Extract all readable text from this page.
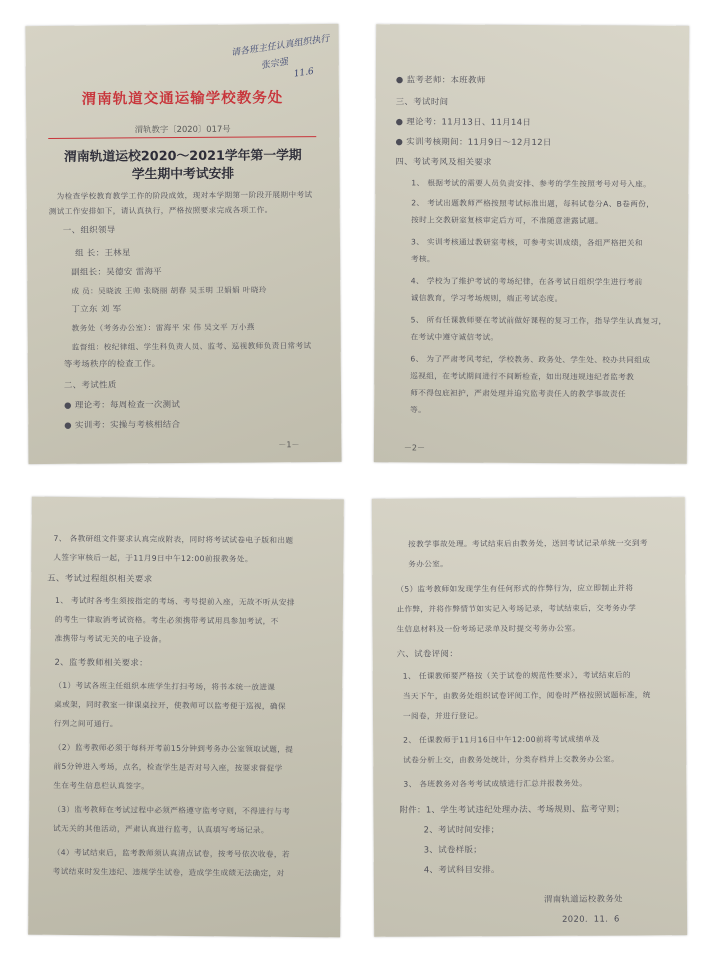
请各班主任认真组织执行
张宗强
11.6
渭南轨道交通运输学校教务处
渭轨教字〔2020〕017号
渭南轨道运校2020～2021学年第一学期
学生期中考试安排
为检查学校教育教学工作的阶段成效，现对本学期第一阶段开展期中考试
测试工作安排如下，请认真执行，严格按照要求完成各项工作。
一、组织领导
组 长：王林星
副组长：吴德安 雷海平
成 员：吴晓波 王帅 张晓丽 胡春 吴玉明 卫娟娟 叶晓玲
丁立东 刘 军
教务处（考务办公室）：雷海平 宋 伟 吴文平 万小燕
监督组：校纪律组、学生科负责人员、监考、巡视教师负责日常考试
等考场秩序的检查工作。
二、考试性质
● 理论考：每周检查一次测试
● 实训考：实操与考核相结合
－1－
● 监考老师：本班教师
三、考试时间
● 理论考：11月13日、11月14日
● 实训考核期间：11月9日～12月12日
四、考试考风及相关要求
1、 根据考试的需要人员负责安排、参考的学生按照考号对号入座。
2、 考试出题教师严格按照考试标准出题，每科试卷分A、B卷两份，
按时上交教研室复核审定后方可，不准随意泄露试题。
3、 实训考核通过教研室考核，可参考实训成绩，各组严格把关和
考核。
4、 学校为了维护考试的考场纪律，在各考试日组织学生进行考前
诚信教育，学习考场规则，端正考试态度。
5、 所有任课教师要在考试前做好课程的复习工作，指导学生认真复习，
在考试中遵守诚信考试。
6、 为了严肃考风考纪，学校教务、政务处、学生处、校办共同组成
巡视组，在考试期间进行不间断检查，如出现违规违纪者监考教
师不得包庇袒护，严肃处理并追究监考责任人的教学事故责任
等。
－2－
7、 各教研组文件要求认真完成附表，同时将考试试卷电子版和出题
人签字审核后一起，于11月9日中午12:00前报教务处。
五、考试过程组织相关要求
1、 考试时各考生须按指定的考场、考号提前入座，无故不听从安排
的考生一律取消考试资格。考生必须携带考试用具参加考试，不
准携带与考试无关的电子设备。
2、监考教师相关要求：
（1）考试各班主任组织本班学生打扫考场，将书本统一放进课
桌或架，同时教室一律课桌拉开，使教师可以监考便于巡视，确保
行列之间可通行。
（2）监考教师必须于每科开考前15分钟到考务办公室领取试题，提
前5分钟进入考场，点名，检查学生是否对号入座，按要求督促学
生在考生信息栏认真签字。
（3）监考教师在考试过程中必须严格遵守监考守则，不得进行与考
试无关的其他活动，严肃认真进行监考，认真填写考场记录。
（4）考试结束后，监考教师须认真清点试卷，按考号依次收卷，若
考试结束时发生违纪、违规学生试卷，造成学生成绩无法确定，对
按教学事故处理。考试结束后由教务处，送回考试记录单统一交到考
务办公室。
（5）监考教师如发现学生有任何形式的作弊行为，应立即制止并将
止作弊，并将作弊情节如实记入考场记录，考试结束后，交考务办学
生信息材料及一份考场记录单及时提交考务办公室。
六、试卷评阅：
1、 任课教师要严格按（关于试卷的规范性要求），考试结束后的
当天下午，由教务处组织试卷评阅工作，阅卷时严格按照试题标准，统
一阅卷，并进行登记。
2、 任课教师于11月16日中午12:00前将考试成绩单及
试卷分析上交，由教务处统计，分类存档并上交教务办公室。
3、 各班教务对各考考试成绩进行汇总并报教务处。
附件：1、学生考试违纪处理办法、考场规则、监考守则；
2、考试时间安排；
3、试卷样版；
4、考试科目安排。
渭南轨道运校教务处
2020．11．6
